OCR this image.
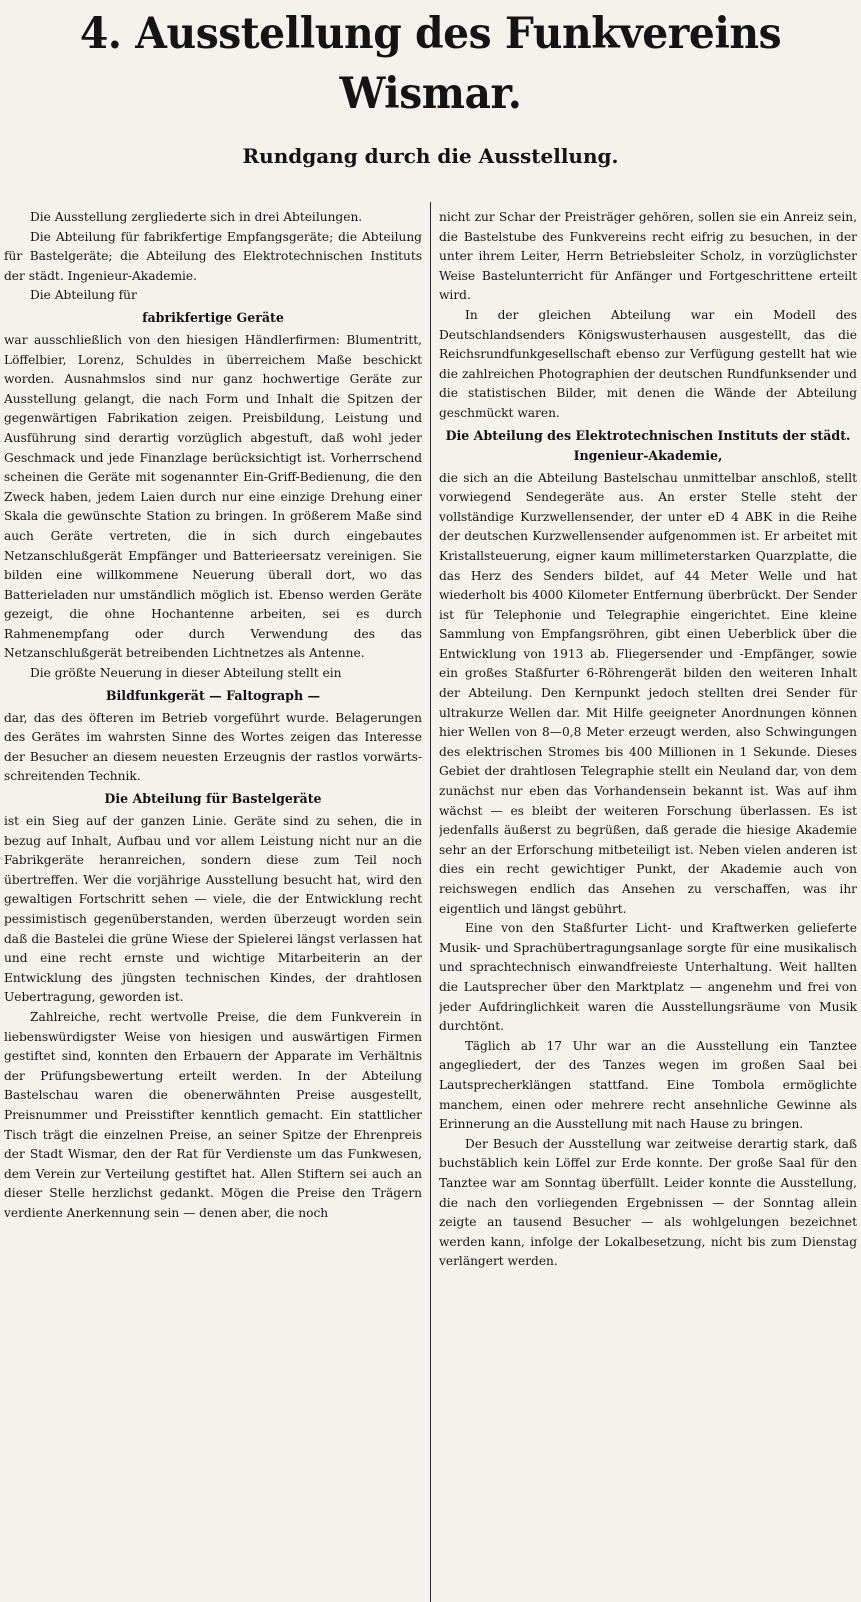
4. Ausstellung des Funkvereins Wismar.
Rundgang durch die Ausstellung.

Die Ausstellung zergliederte sich in drei Abteilungen.

Die Abteilung für fabrikfertige Empfangsgeräte; die Abteilung für Bastelgeräte; die Abteilung des Elektrotechnischen Instituts der städt. Ingenieur-Akademie.

Die Abteilung für

fabrikfertige Geräte

war ausschließlich von den hiesigen Händlerfirmen: Blumentritt, Löffelbier, Lorenz, Schuldes in überreichem Maße beschickt worden. Ausnahmslos sind nur ganz hochwertige Geräte zur Ausstellung gelangt, die nach Form und Inhalt die Spitzen der gegenwärtigen Fabrikation zeigen. Preisbildung, Leistung und Ausführung sind derartig vorzüglich abgestuft, daß wohl jeder Geschmack und jede Finanzlage berücksichtigt ist. Vorherrschend scheinen die Geräte mit sogenannter Ein-Griff-Bedienung, die den Zweck haben, jedem Laien durch nur eine einzige Drehung einer Skala die gewünschte Station zu bringen. In größerem Maße sind auch Geräte vertreten, die in sich durch eingebautes Netzanschlußgerät Empfänger und Batterieersatz vereinigen. Sie bilden eine willkommene Neuerung überall dort, wo das Batterieladen nur umständlich möglich ist. Ebenso werden Geräte gezeigt, die ohne Hochantenne arbeiten, sei es durch Rahmenempfang oder durch Verwendung des das Netzanschlußgerät betreibenden Lichtnetzes als Antenne.

Die größte Neuerung in dieser Abteilung stellt ein

Bildfunkgerät — Faltograph —

dar, das des öfteren im Betrieb vorgeführt wurde. Belagerungen des Gerätes im wahrsten Sinne des Wortes zeigen das Interesse der Besucher an diesem neuesten Erzeugnis der rastlos vorwärts-schreitenden Technik.

Die Abteilung für Bastelgeräte

ist ein Sieg auf der ganzen Linie. Geräte sind zu sehen, die in bezug auf Inhalt, Aufbau und vor allem Leistung nicht nur an die Fabrikgeräte heranreichen, sondern diese zum Teil noch übertreffen. Wer die vorjährige Ausstellung besucht hat, wird den gewaltigen Fortschritt sehen — viele, die der Entwicklung recht pessimistisch gegenüberstanden, werden überzeugt worden sein daß die Bastelei die grüne Wiese der Spielerei längst verlassen hat und eine recht ernste und wichtige Mitarbeiterin an der Entwicklung des jüngsten technischen Kindes, der drahtlosen Uebertragung, geworden ist.

Zahlreiche, recht wertvolle Preise, die dem Funkverein in liebenswürdigster Weise von hiesigen und auswärtigen Firmen gestiftet sind, konnten den Erbauern der Apparate im Verhältnis der Prüfungsbewertung erteilt werden. In der Abteilung Bastelschau waren die obenerwähnten Preise ausgestellt, Preisnummer und Preisstifter kenntlich gemacht. Ein stattlicher Tisch trägt die einzelnen Preise, an seiner Spitze der Ehrenpreis der Stadt Wismar, den der Rat für Verdienste um das Funkwesen, dem Verein zur Verteilung gestiftet hat. Allen Stiftern sei auch an dieser Stelle herzlichst gedankt. Mögen die Preise den Trägern verdiente Anerkennung sein — denen aber, die noch

nicht zur Schar der Preisträger gehören, sollen sie ein Anreiz sein, die Bastelstube des Funkvereins recht eifrig zu besuchen, in der unter ihrem Leiter, Herrn Betriebsleiter Scholz, in vorzüglichster Weise Bastelunterricht für Anfänger und Fortgeschrittene erteilt wird.

In der gleichen Abteilung war ein Modell des Deutschlandsenders Königswusterhausen ausgestellt, das die Reichsrundfunkgesellschaft ebenso zur Verfügung gestellt hat wie die zahlreichen Photographien der deutschen Rundfunksender und die statistischen Bilder, mit denen die Wände der Abteilung geschmückt waren.

Die Abteilung des Elektrotechnischen Instituts der städt. Ingenieur-Akademie,

die sich an die Abteilung Bastelschau unmittelbar anschloß, stellt vorwiegend Sendegeräte aus. An erster Stelle steht der vollständige Kurzwellensender, der unter eD 4 ABK in die Reihe der deutschen Kurzwellensender aufgenommen ist. Er arbeitet mit Kristallsteuerung, eigner kaum millimeterstarken Quarzplatte, die das Herz des Senders bildet, auf 44 Meter Welle und hat wiederholt bis 4000 Kilometer Entfernung überbrückt. Der Sender ist für Telephonie und Telegraphie eingerichtet. Eine kleine Sammlung von Empfangsröhren, gibt einen Ueberblick über die Entwicklung von 1913 ab. Fliegersender und -Empfänger, sowie ein großes Staßfurter 6-Röhrengerät bilden den weiteren Inhalt der Abteilung. Den Kernpunkt jedoch stellten drei Sender für ultrakurze Wellen dar. Mit Hilfe geeigneter Anordnungen können hier Wellen von 8—0,8 Meter erzeugt werden, also Schwingungen des elektrischen Stromes bis 400 Millionen in 1 Sekunde. Dieses Gebiet der drahtlosen Telegraphie stellt ein Neuland dar, von dem zunächst nur eben das Vorhandensein bekannt ist. Was auf ihm wächst — es bleibt der weiteren Forschung überlassen. Es ist jedenfalls äußerst zu begrüßen, daß gerade die hiesige Akademie sehr an der Erforschung mitbeteiligt ist. Neben vielen anderen ist dies ein recht gewichtiger Punkt, der Akademie auch von reichswegen endlich das Ansehen zu verschaffen, was ihr eigentlich und längst gebührt.

Eine von den Staßfurter Licht- und Kraftwerken gelieferte Musik- und Sprachübertragungsanlage sorgte für eine musikalisch und sprachtechnisch einwandfreieste Unterhaltung. Weit hallten die Lautsprecher über den Marktplatz — angenehm und frei von jeder Aufdringlichkeit waren die Ausstellungsräume von Musik durchtönt.

Täglich ab 17 Uhr war an die Ausstellung ein Tanztee angegliedert, der des Tanzes wegen im großen Saal bei Lautsprecherklängen stattfand. Eine Tombola ermöglichte manchem, einen oder mehrere recht ansehnliche Gewinne als Erinnerung an die Ausstellung mit nach Hause zu bringen.

Der Besuch der Ausstellung war zeitweise derartig stark, daß buchstäblich kein Löffel zur Erde konnte. Der große Saal für den Tanztee war am Sonntag überfüllt. Leider konnte die Ausstellung, die nach den vorliegenden Ergebnissen — der Sonntag allein zeigte an tausend Besucher — als wohlgelungen bezeichnet werden kann, infolge der Lokalbesetzung, nicht bis zum Dienstag verlängert werden.
